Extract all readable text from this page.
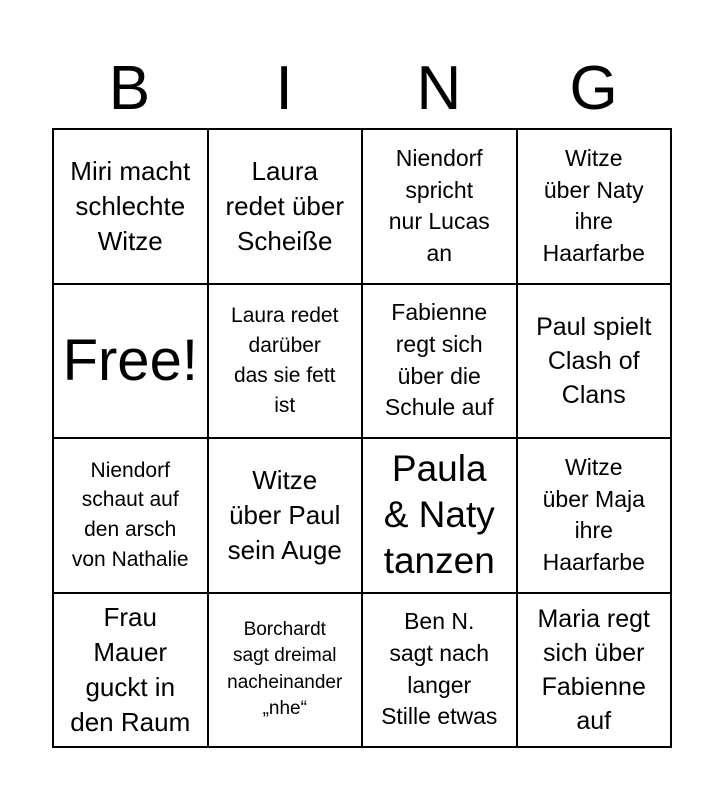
B	I	N	G
Miri macht
schlechte
Witze
Laura
redet über
Scheiße
Niendorf
spricht
nur Lucas
an
Witze
über Naty
ihre
Haarfarbe
Free!
Laura redet
darüber
das sie fett
ist
Fabienne
regt sich
über die
Schule auf
Paul spielt
Clash of
Clans
Niendorf
schaut auf
den arsch
von Nathalie
Witze
über Paul
sein Auge
Paula
& Naty
tanzen
Witze
über Maja
ihre
Haarfarbe
Frau
Mauer
guckt in
den Raum
Borchardt
sagt dreimal
nacheinander
„nhe“
Ben N.
sagt nach
langer
Stille etwas
Maria regt
sich über
Fabienne
auf
